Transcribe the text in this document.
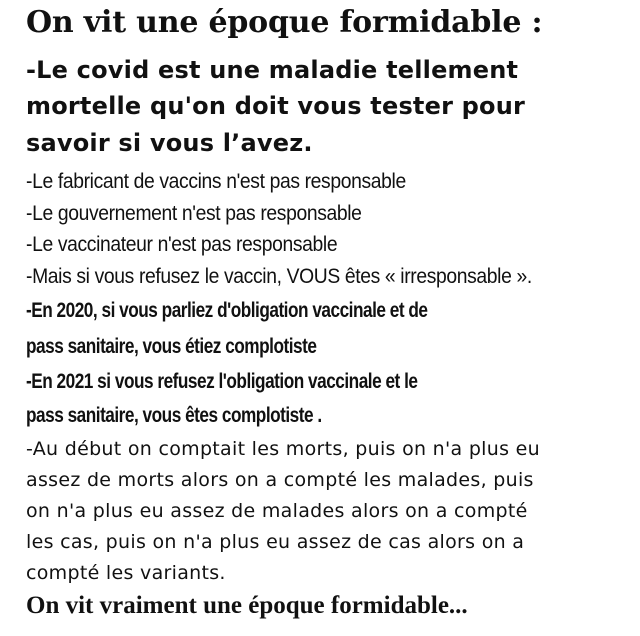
On vit une époque formidable :
-Le covid est une maladie tellement
mortelle qu'on doit vous tester pour
savoir si vous l’avez.
-Le fabricant de vaccins n'est pas responsable
-Le gouvernement n'est pas responsable
-Le vaccinateur n'est pas responsable
-Mais si vous refusez le vaccin, VOUS êtes « irresponsable ».
-En 2020, si vous parliez d'obligation vaccinale et de
pass sanitaire, vous étiez complotiste
-En 2021 si vous refusez l'obligation vaccinale et le
pass sanitaire, vous êtes complotiste .
-Au début on comptait les morts, puis on n'a plus eu
assez de morts alors on a compté les malades, puis
on n'a plus eu assez de malades alors on a compté
les cas, puis on n'a plus eu assez de cas alors on a
compté les variants.
On vit vraiment une époque formidable...
